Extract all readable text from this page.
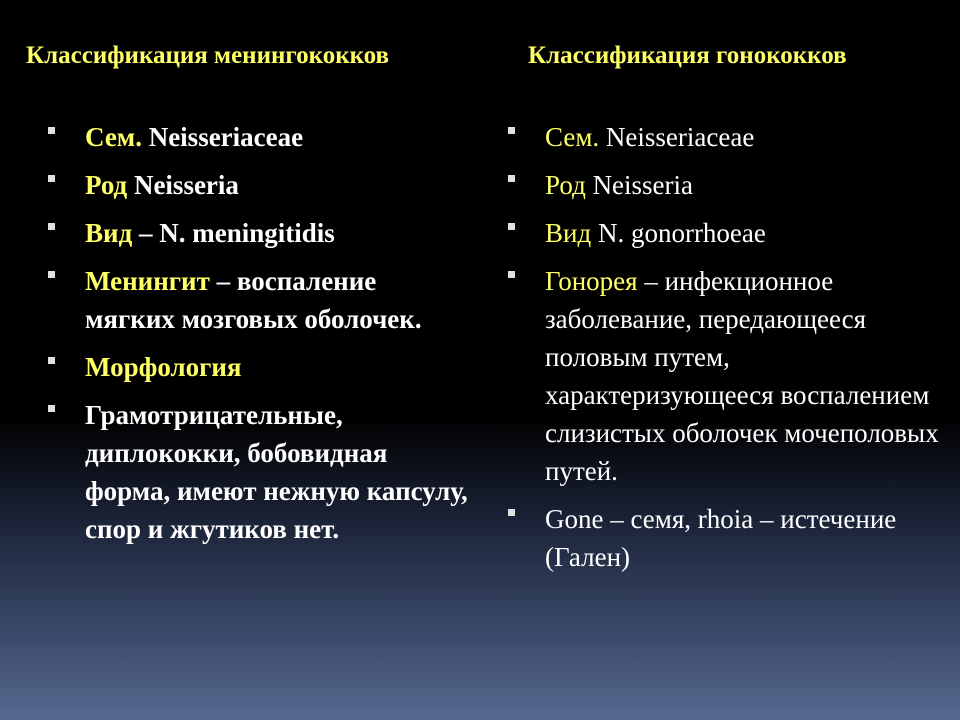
Классификация менингококков
Сем. Neisseriaceae
Род Neisseria
Вид – N. meningitidis
Менингит – воспаление мягких мозговых оболочек.
Морфология
Грамотрицательные, диплококки, бобовидная форма, имеют нежную капсулу, спор и жгутиков нет.
Классификация гонококков
Сем. Neisseriaceae
Род Neisseria
Вид N. gonorrhoeae
Гонорея – инфекционное заболевание, передающееся половым путем, характеризующееся воспалением слизистых оболочек мочеполовых путей.
Gone – семя, rhoia – истечение (Гален)
